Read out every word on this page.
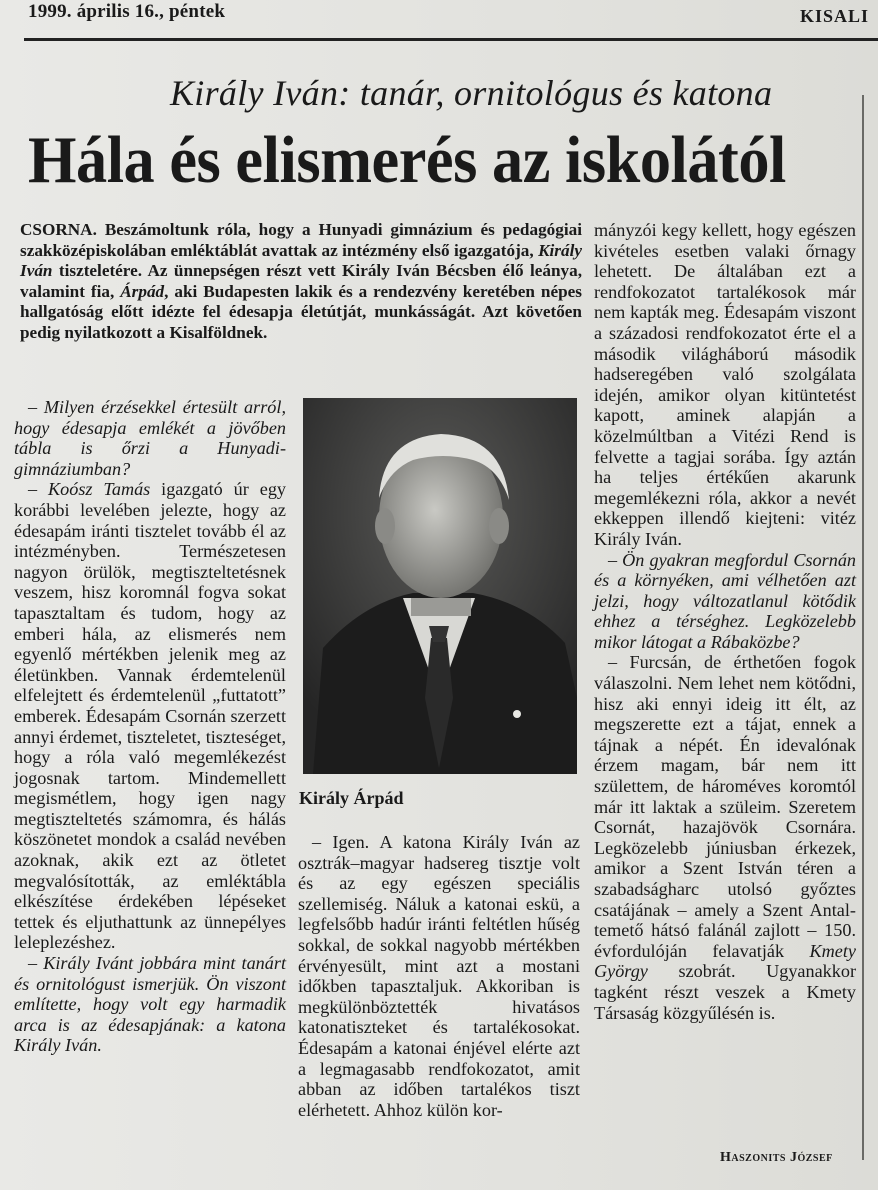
1999. április 16., péntek	KISALI
Király Iván: tanár, ornitológus és katona
Hála és elismerés az iskolától
CSORNA. Beszámoltunk róla, hogy a Hunyadi gimnázium és pedagógiai szakközépiskolában emléktáblát avattak az intézmény első igazgatója, Király Iván tiszteletére. Az ünnepségen részt vett Király Iván Bécsben élő leánya, valamint fia, Árpád, aki Budapesten lakik és a rendezvény keretében népes hallgatóság előtt idézte fel édesapja életútját, munkásságát. Azt követően pedig nyilatkozott a Kisalföldnek.

– Milyen érzésekkel értesült arról, hogy édesapja emlékét a jövőben tábla is őrzi a Hunyadi-gimnáziumban?

– Koósz Tamás igazgató úr egy korábbi levelében jelezte, hogy az édesapám iránti tisztelet tovább él az intézményben. Természetesen nagyon örülök, megtiszteltetésnek veszem, hisz koromnál fogva sokat tapasztaltam és tudom, hogy az emberi hála, az elismerés nem egyenlő mértékben jelenik meg az életünkben. Vannak érdemtelenül elfelejtett és érdemtelenül „futtatott” emberek. Édesapám Csornán szerzett annyi érdemet, tiszteletet, tiszteséget, hogy a róla való megemlékezést jogosnak tartom. Mindemellett megismétlem, hogy igen nagy megtiszteltetés számomra, és hálás köszönetet mondok a család nevében azoknak, akik ezt az ötletet megvalósították, az emléktábla elkészítése érdekében lépéseket tettek és eljuthattunk az ünnepélyes leleplezéshez.

– Király Ivánt jobbára mint tanárt és ornitológust ismerjük. Ön viszont említette, hogy volt egy harmadik arca is az édesapjának: a katona Király Iván.

Király Árpád

– Igen. A katona Király Iván az osztrák–magyar hadsereg tisztje volt és az egy egészen speciális szellemiség. Náluk a katonai eskü, a legfelsőbb hadúr iránti feltétlen hűség sokkal, de sokkal nagyobb mértékben érvényesült, mint azt a mostani időkben tapasztaljuk. Akkoriban is megkülönböztették hivatásos katonatiszteket és tartalékosokat. Édesapám a katonai énjével elérte azt a legmagasabb rendfokozatot, amit abban az időben tartalékos tiszt elérhetett. Ahhoz külön kor-

mányzói kegy kellett, hogy egészen kivételes esetben valaki őrnagy lehetett. De általában ezt a rendfokozatot tartalékosok már nem kapták meg. Édesapám viszont a századosi rendfokozatot érte el a második világháború második hadseregében való szolgálata idején, amikor olyan kitüntetést kapott, aminek alapján a közelmúltban a Vitézi Rend is felvette a tagjai sorába. Így aztán ha teljes értékűen akarunk megemlékezni róla, akkor a nevét ekkeppen illendő kiejteni: vitéz Király Iván.

– Ön gyakran megfordul Csornán és a környéken, ami vélhetően azt jelzi, hogy változatlanul kötődik ehhez a térséghez. Legközelebb mikor látogat a Rábaközbe?

– Furcsán, de érthetően fogok válaszolni. Nem lehet nem kötődni, hisz aki ennyi ideig itt élt, az megszerette ezt a tájat, ennek a tájnak a népét. Én idevalónak érzem magam, bár nem itt születtem, de hároméves koromtól már itt laktak a szüleim. Szeretem Csornát, hazajövök Csornára. Legközelebb júniusban érkezek, amikor a Szent István téren a szabadságharc utolsó győztes csatájának – amely a Szent Antal-temető hátsó falánál zajlott – 150. évfordulóján felavatják Kmety György szobrát. Ugyanakkor tagként részt veszek a Kmety Társaság közgyűlésén is.

Haszonits József
